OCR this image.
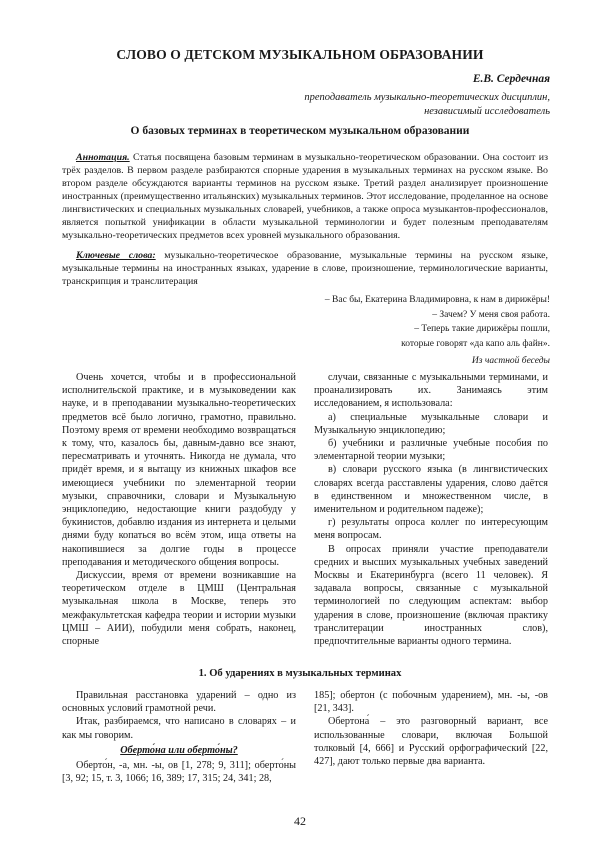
СЛОВО О ДЕТСКОМ МУЗЫКАЛЬНОМ ОБРАЗОВАНИИ
Е.В. Сердечная
преподаватель музыкально-теоретических дисциплин,
независимый исследователь
О базовых терминах в теоретическом музыкальном образовании
Аннотация. Статья посвящена базовым терминам в музыкально-теоретическом образовании. Она состоит из трёх разделов. В первом разделе разбираются спорные ударения в музыкальных терминах на русском языке. Во втором разделе обсуждаются варианты терминов на русском языке. Третий раздел анализирует произношение иностранных (преимущественно итальянских) музыкальных терминов. Этот исследование, проделанное на основе лингвистических и специальных музыкальных словарей, учебников, а также опроса музыкантов-профессионалов, является попыткой унификации в области музыкальной терминологии и будет полезным преподавателям музыкально-теоретических предметов всех уровней музыкального образования.
Ключевые слова: музыкально-теоретическое образование, музыкальные термины на русском языке, музыкальные термины на иностранных языках, ударение в слове, произношение, терминологические варианты, транскрипция и транслитерация
– Вас бы, Екатерина Владимировна, к нам в дирижёры!
– Зачем? У меня своя работа.
– Теперь такие дирижёры пошли,
которые говорят «да капо аль файн».
Из частной беседы

Очень хочется, чтобы и в профессиональной исполнительской практике, и в музыковедении как науке, и в преподавании музыкально-теоретических предметов всё было логично, грамотно, правильно. Поэтому время от времени необходимо возвращаться к тому, что, казалось бы, давным-давно все знают, пересматривать и уточнять. Никогда не думала, что придёт время, и я вытащу из книжных шкафов все имеющиеся учебники по элементарной теории музыки, справочники, словари и Музыкальную энциклопедию, недостающие книги раздобуду у букинистов, добавлю издания из интернета и целыми днями буду копаться во всём этом, ища ответы на накопившиеся за долгие годы в процессе преподавания и методического общения вопросы.

Дискуссии, время от времени возникавшие на теоретическом отделе в ЦМШ (Центральная музыкальная школа в Москве, теперь это межфакультетская кафедра теории и истории музыки ЦМШ – АИИ), побудили меня собрать, наконец, спорные

случаи, связанные с музыкальными терминами, и проанализировать их. Занимаясь этим исследованием, я использовала:

а) специальные музыкальные словари и Музыкальную энциклопедию;

б) учебники и различные учебные пособия по элементарной теории музыки;

в) словари русского языка (в лингвистических словарях всегда расставлены ударения, слово даётся в единственном и множественном числе, в именительном и родительном падеже);

г) результаты опроса коллег по интересующим меня вопросам.

В опросах приняли участие преподаватели средних и высших музыкальных учебных заведений Москвы и Екатеринбурга (всего 11 человек). Я задавала вопросы, связанные с музыкальной терминологией по следующим аспектам: выбор ударения в слове, произношение (включая практику транслитерации иностранных слов), предпочтительные варианты одного термина.

1. Об ударениях в музыкальных терминах

Правильная расстановка ударений – одно из основных условий грамотной речи.

Итак, разбираемся, что написано в словарях – и как мы говорим.

Оберто́на или оберто́ны?

Оберто́н, -а, мн. -ы, ов [1, 278; 9, 311]; оберто́ны [3, 92; 15, т. 3, 1066; 16, 389; 17, 315; 24, 341; 28,

185]; обертон (с побочным ударением), мн. -ы, -ов [21, 343].

Обертона́ – это разговорный вариант, все использованные словари, включая Большой толковый [4, 666] и Русский орфографический [22, 427], дают только первые два варианта.

42
